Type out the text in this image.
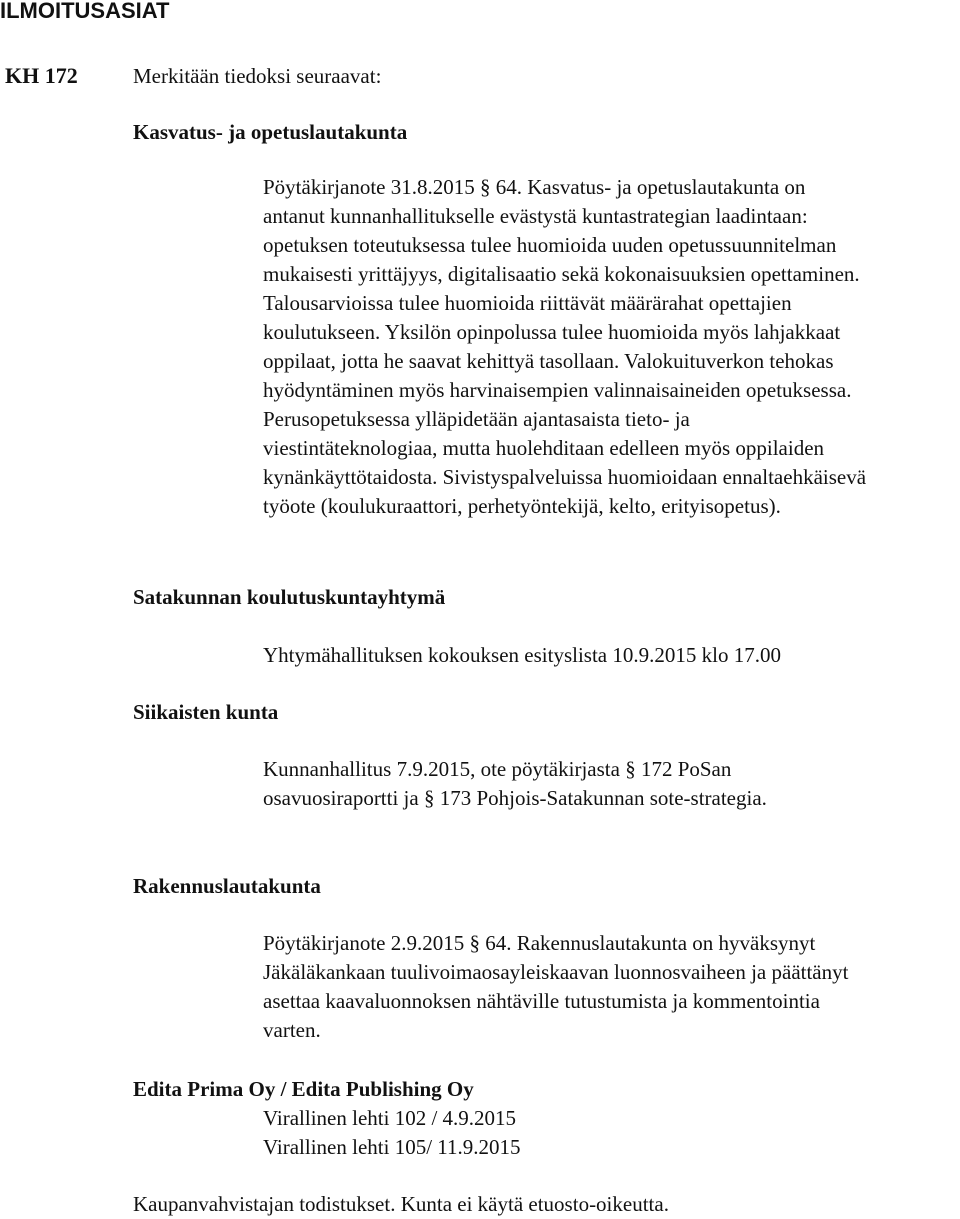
ILMOITUSASIAT
KH 172	Merkitään tiedoksi seuraavat:
Kasvatus- ja opetuslautakunta
Pöytäkirjanote 31.8.2015 § 64. Kasvatus- ja opetuslautakunta on
antanut kunnanhallitukselle evästystä kuntastrategian laadintaan:
opetuksen toteutuksessa tulee huomioida uuden opetussuunnitelman
mukaisesti yrittäjyys, digitalisaatio sekä kokonaisuuksien opettaminen.
Talousarvioissa tulee huomioida riittävät määrärahat opettajien
koulutukseen. Yksilön opinpolussa tulee huomioida myös lahjakkaat
oppilaat, jotta he saavat kehittyä tasollaan. Valokuituverkon tehokas
hyödyntäminen myös harvinaisempien valinnaisaineiden opetuksessa.
Perusopetuksessa ylläpidetään ajantasaista tieto- ja
viestintäteknologiaa, mutta huolehditaan edelleen myös oppilaiden
kynänkäyttötaidosta. Sivistyspalveluissa huomioidaan ennaltaehkäisevä
työote (koulukuraattori, perhetyöntekijä, kelto, erityisopetus).
Satakunnan koulutuskuntayhtymä
Yhtymähallituksen kokouksen esityslista 10.9.2015 klo 17.00
Siikaisten kunta
Kunnanhallitus 7.9.2015, ote pöytäkirjasta § 172 PoSan
osavuosiraportti ja § 173 Pohjois-Satakunnan sote-strategia.
Rakennuslautakunta
Pöytäkirjanote 2.9.2015 § 64. Rakennuslautakunta on hyväksynyt
Jäkäläkankaan tuulivoimaosayleiskaavan luonnosvaiheen ja päättänyt
asettaa kaavaluonnoksen nähtäville tutustumista ja kommentointia
varten.
Edita Prima Oy / Edita Publishing Oy
Virallinen lehti 102 / 4.9.2015
Virallinen lehti 105/ 11.9.2015
Kaupanvahvistajan todistukset. Kunta ei käytä etuosto-oikeutta.
